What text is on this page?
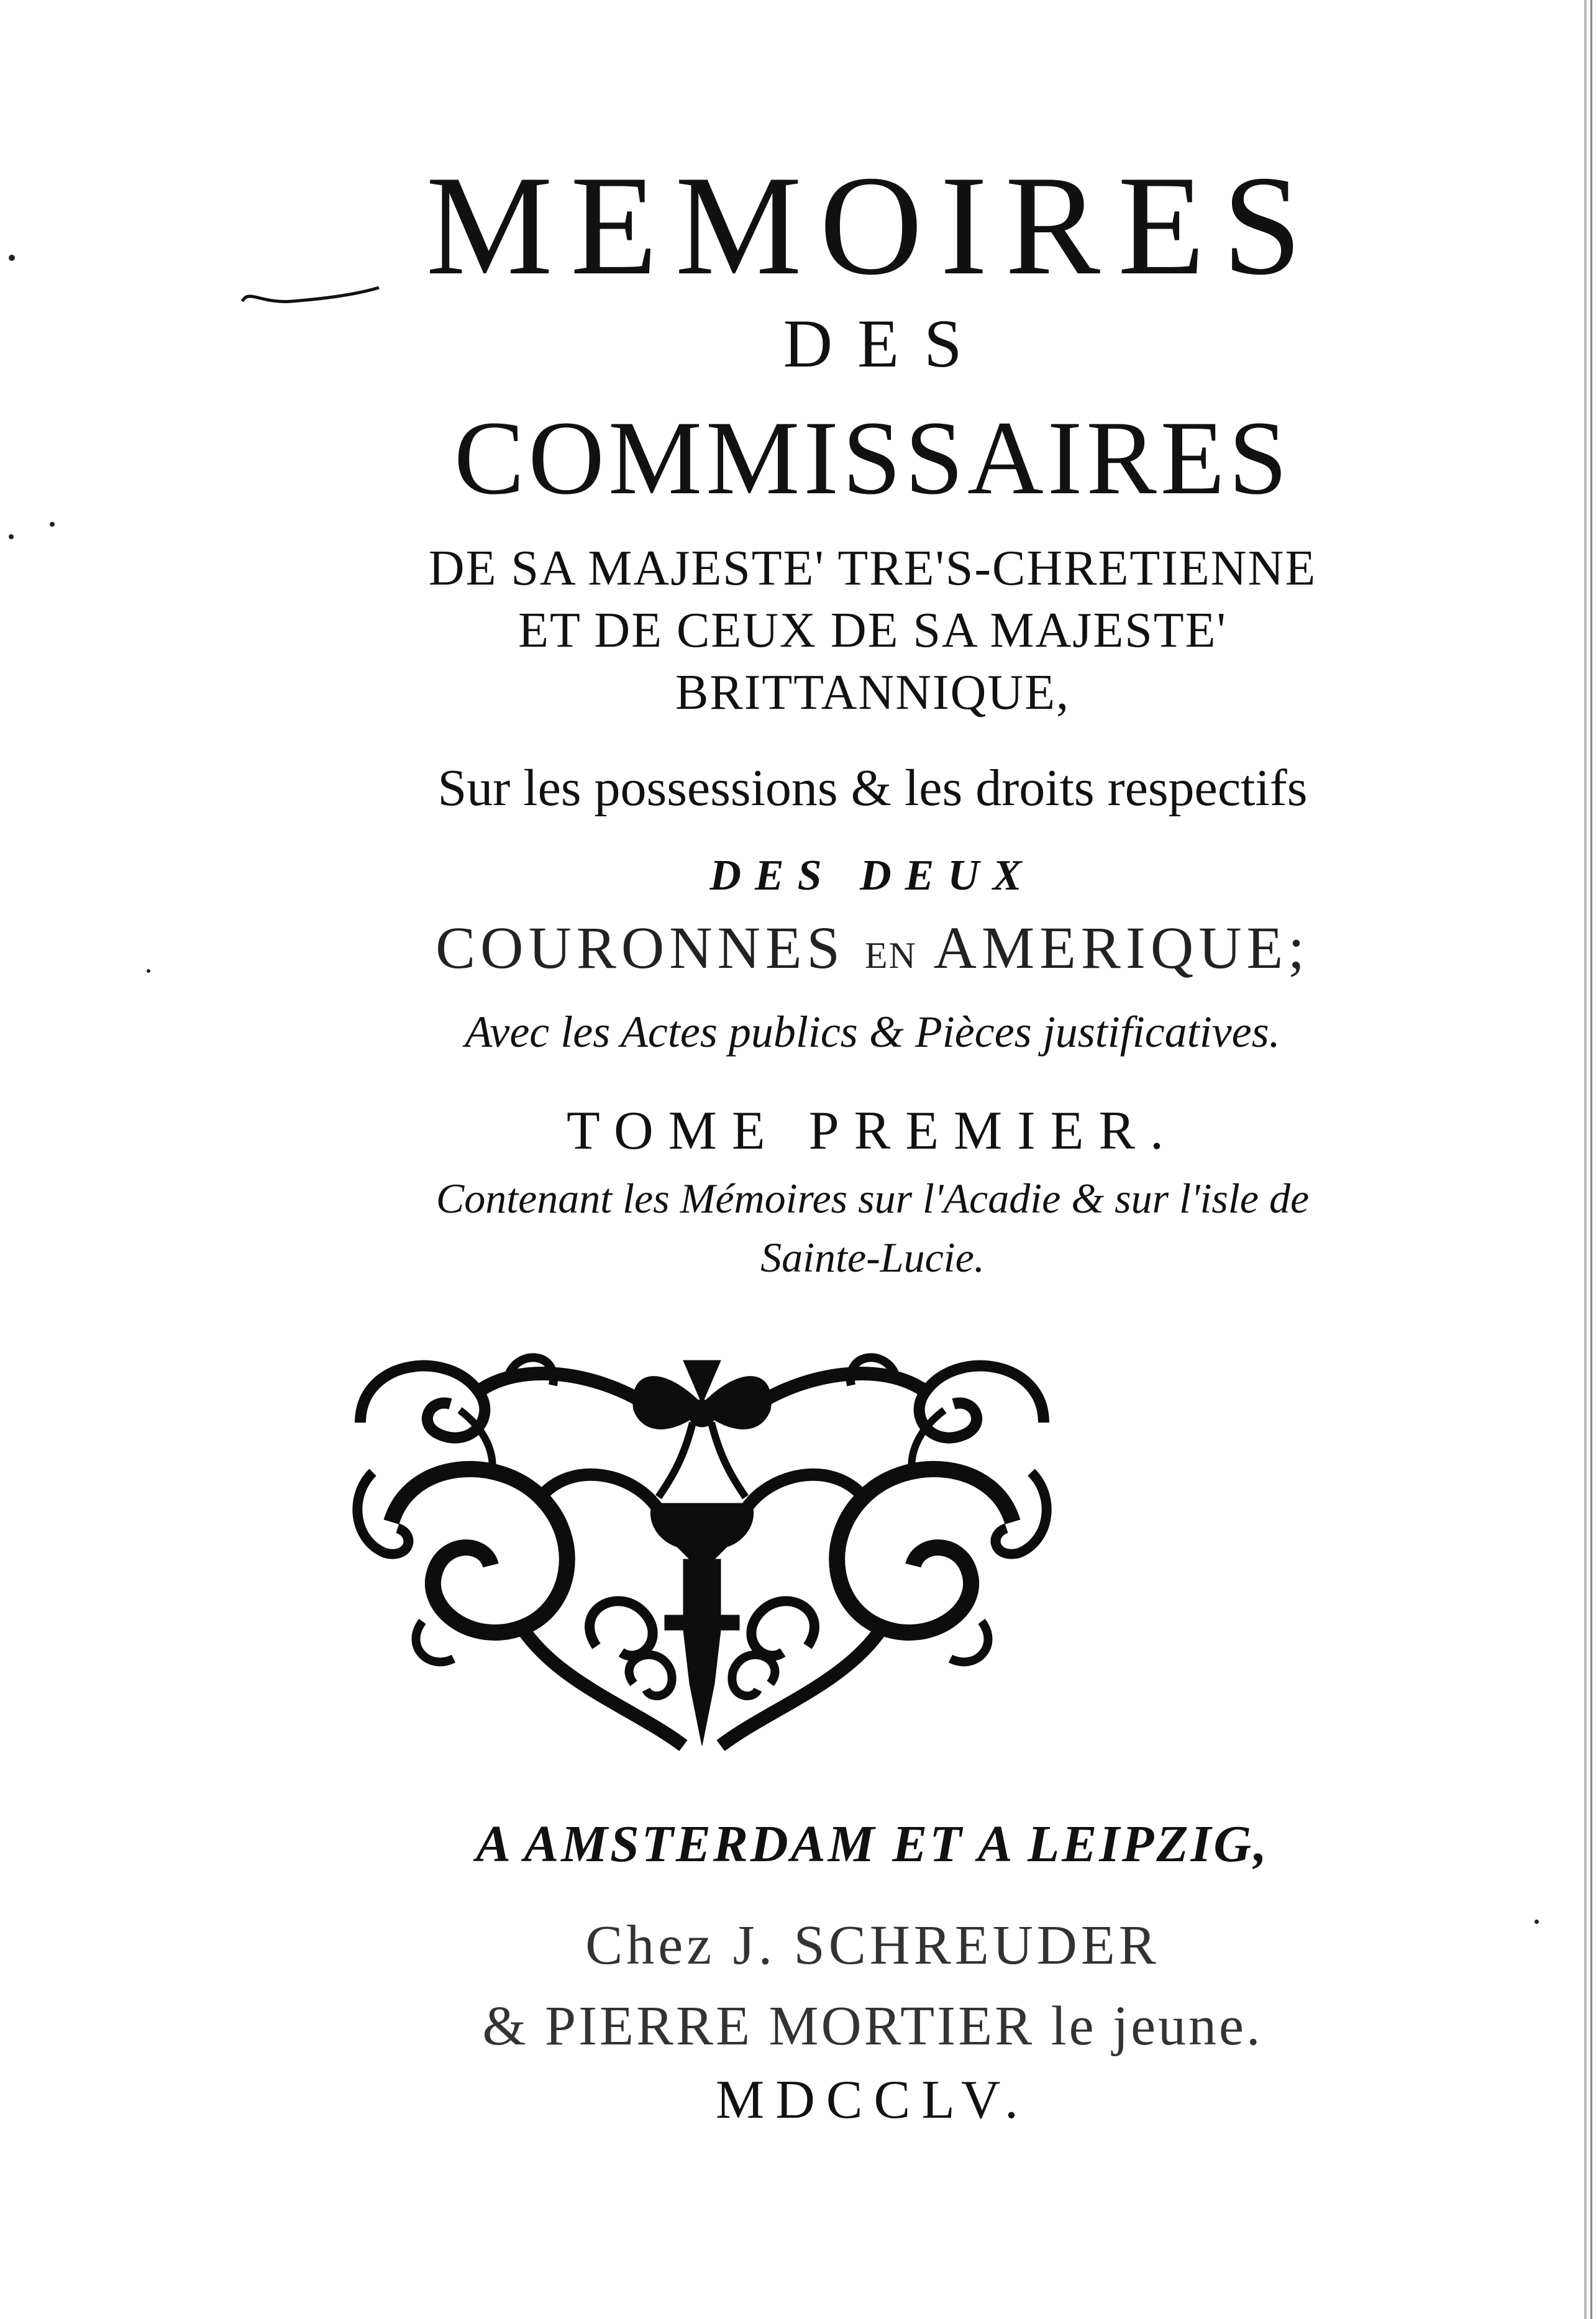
MEMOIRES
DES
COMMISSAIRES
DE SA MAJESTE' TRE'S-CHRETIENNE
ET DE CEUX DE SA MAJESTE'
BRITTANNIQUE,
Sur les possessions & les droits respectifs
DES DEUX
COURONNES EN AMERIQUE;
Avec les Actes publics & Pièces justificatives.
TOME PREMIER.
Contenant les Mémoires sur l'Acadie & sur l'isle de
Sainte-Lucie.
A AMSTERDAM ET A LEIPZIG,
Chez J. SCHREUDER
& PIERRE MORTIER le jeune.
MDCCLV.
